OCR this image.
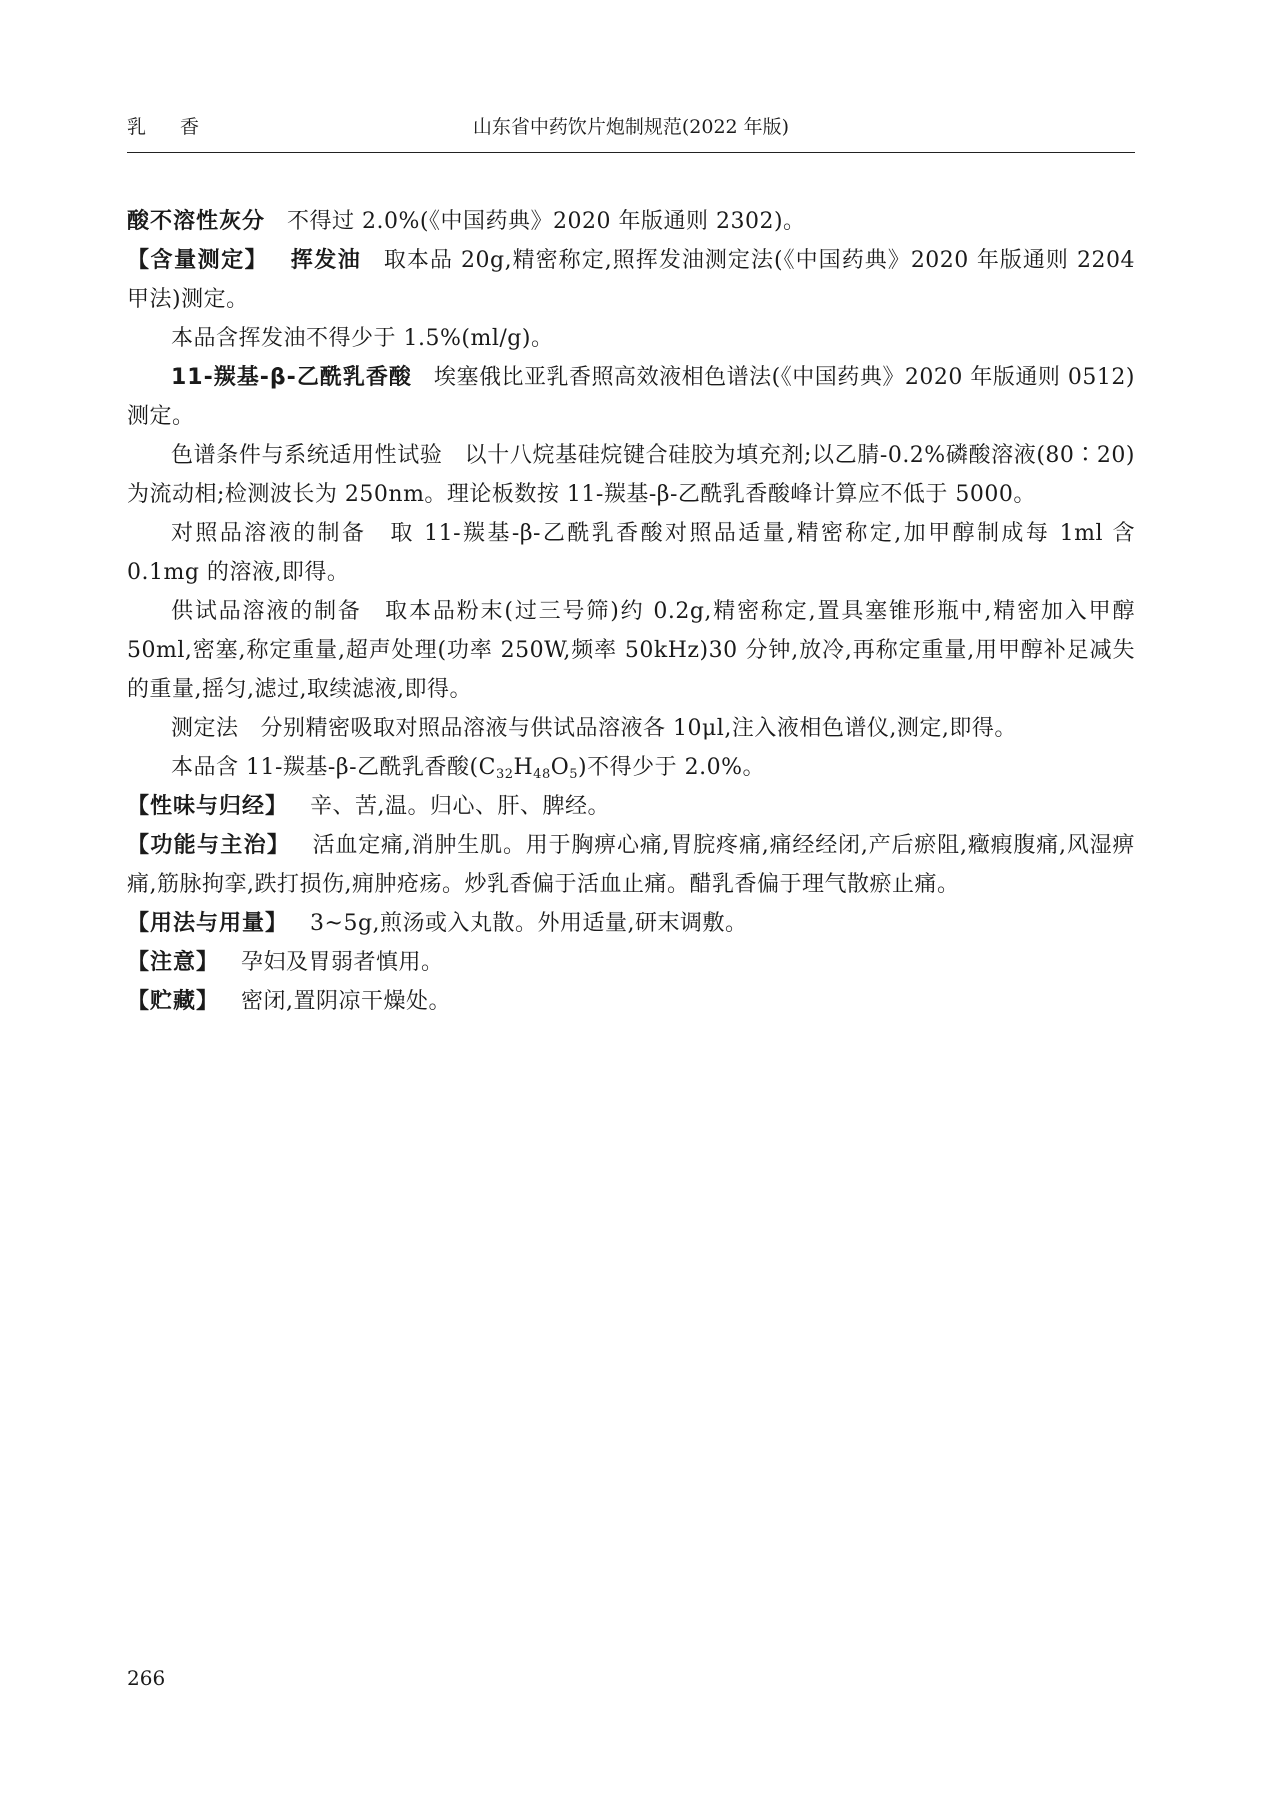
乳 香	山东省中药饮片炮制规范(2022 年版)

酸不溶性灰分 不得过 2.0%(《中国药典》2020 年版通则 2302)。

【含量测定】 挥发油 取本品 20g,精密称定,照挥发油测定法(《中国药典》2020 年版通则 2204 甲法)测定。

本品含挥发油不得少于 1.5%(ml/g)。

11-羰基-β-乙酰乳香酸 埃塞俄比亚乳香照高效液相色谱法(《中国药典》2020 年版通则 0512)测定。

色谱条件与系统适用性试验 以十八烷基硅烷键合硅胶为填充剂;以乙腈-0.2%磷酸溶液(80∶20)为流动相;检测波长为 250nm。理论板数按 11-羰基-β-乙酰乳香酸峰计算应不低于 5000。

对照品溶液的制备 取 11-羰基-β-乙酰乳香酸对照品适量,精密称定,加甲醇制成每 1ml 含 0.1mg 的溶液,即得。

供试品溶液的制备 取本品粉末(过三号筛)约 0.2g,精密称定,置具塞锥形瓶中,精密加入甲醇 50ml,密塞,称定重量,超声处理(功率 250W,频率 50kHz)30 分钟,放冷,再称定重量,用甲醇补足减失的重量,摇匀,滤过,取续滤液,即得。

测定法 分别精密吸取对照品溶液与供试品溶液各 10μl,注入液相色谱仪,测定,即得。

本品含 11-羰基-β-乙酰乳香酸$(C_{32}H_{48}O_5)$不得少于 2.0%。

【性味与归经】 辛、苦,温。归心、肝、脾经。

【功能与主治】 活血定痛,消肿生肌。用于胸痹心痛,胃脘疼痛,痛经经闭,产后瘀阻,癥瘕腹痛,风湿痹痛,筋脉拘挛,跌打损伤,痈肿疮疡。炒乳香偏于活血止痛。醋乳香偏于理气散瘀止痛。

【用法与用量】 3~5g,煎汤或入丸散。外用适量,研末调敷。

【注意】 孕妇及胃弱者慎用。

【贮藏】 密闭,置阴凉干燥处。

266
